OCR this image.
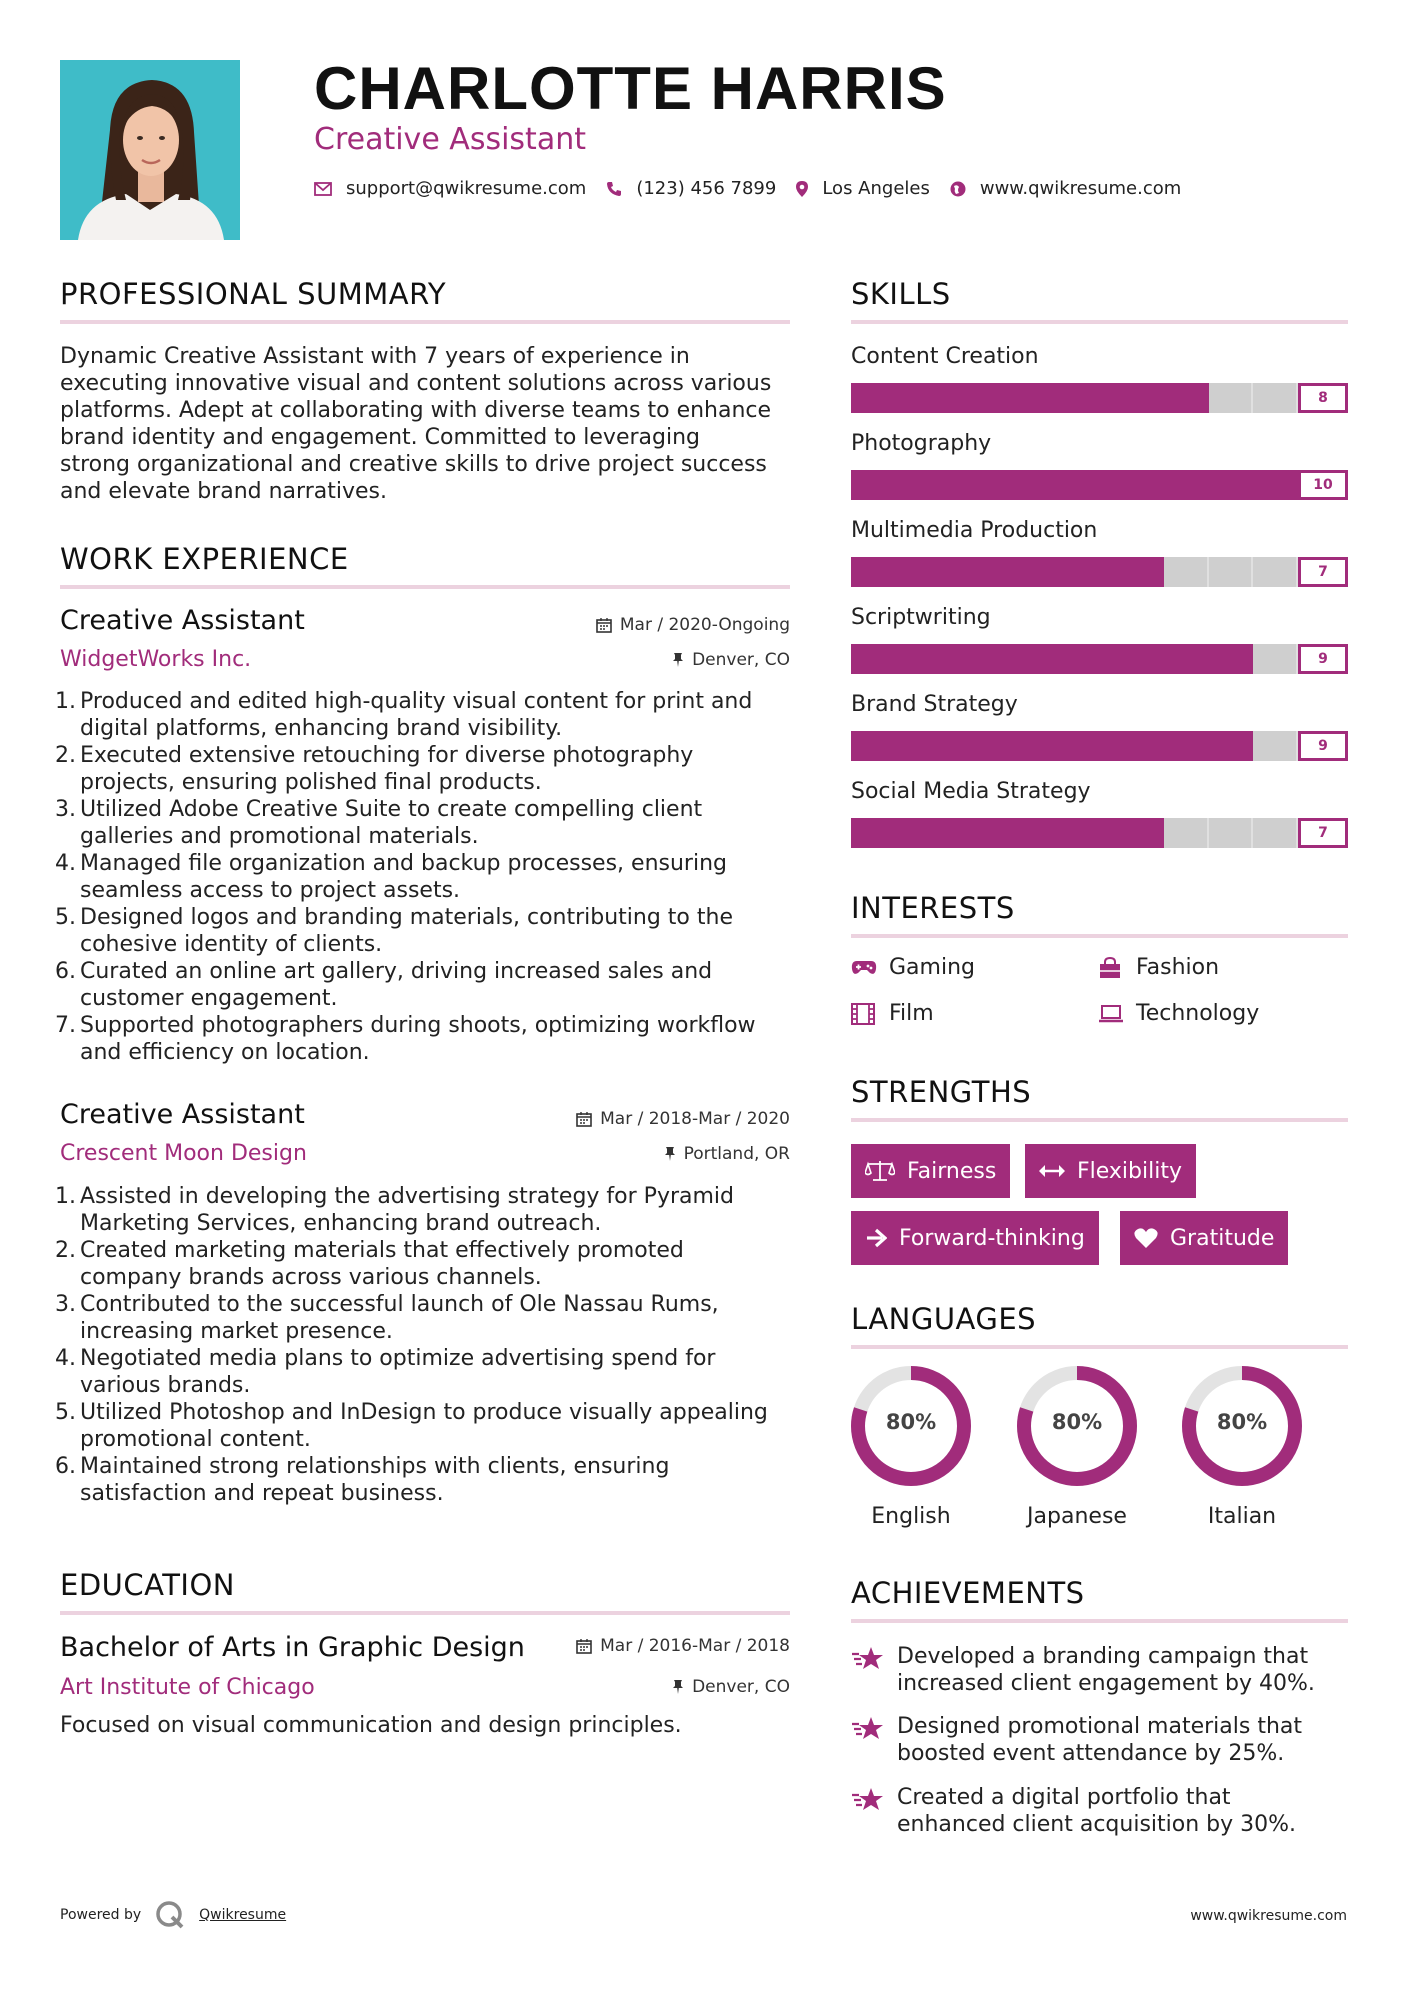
CHARLOTTE HARRIS
Creative Assistant
support@qwikresume.com	(123) 456 7899	Los Angeles	www.qwikresume.com
PROFESSIONAL SUMMARY
Dynamic Creative Assistant with 7 years of experience in
executing innovative visual and content solutions across various
platforms. Adept at collaborating with diverse teams to enhance
brand identity and engagement. Committed to leveraging
strong organizational and creative skills to drive project success
and elevate brand narratives.
WORK EXPERIENCE
Creative Assistant	Mar / 2020-Ongoing
WidgetWorks Inc.	Denver, CO
1. Produced and edited high-quality visual content for print and
digital platforms, enhancing brand visibility.
2. Executed extensive retouching for diverse photography
projects, ensuring polished final products.
3. Utilized Adobe Creative Suite to create compelling client
galleries and promotional materials.
4. Managed file organization and backup processes, ensuring
seamless access to project assets.
5. Designed logos and branding materials, contributing to the
cohesive identity of clients.
6. Curated an online art gallery, driving increased sales and
customer engagement.
7. Supported photographers during shoots, optimizing workflow
and efficiency on location.
Creative Assistant	Mar / 2018-Mar / 2020
Crescent Moon Design	Portland, OR
1. Assisted in developing the advertising strategy for Pyramid
Marketing Services, enhancing brand outreach.
2. Created marketing materials that effectively promoted
company brands across various channels.
3. Contributed to the successful launch of Ole Nassau Rums,
increasing market presence.
4. Negotiated media plans to optimize advertising spend for
various brands.
5. Utilized Photoshop and InDesign to produce visually appealing
promotional content.
6. Maintained strong relationships with clients, ensuring
satisfaction and repeat business.
EDUCATION
Bachelor of Arts in Graphic Design	Mar / 2016-Mar / 2018
Art Institute of Chicago	Denver, CO
Focused on visual communication and design principles.
SKILLS
Content Creation
8
Photography
10
Multimedia Production
7
Scriptwriting
9
Brand Strategy
9
Social Media Strategy
7
INTERESTS
Gaming	Fashion
Film	Technology
STRENGTHS
Fairness	Flexibility
Forward-thinking	Gratitude
LANGUAGES
80%
English
80%
Japanese
80%
Italian
ACHIEVEMENTS
Developed a branding campaign that
increased client engagement by 40%.
Designed promotional materials that
boosted event attendance by 25%.
Created a digital portfolio that
enhanced client acquisition by 30%.
Powered by	Qwikresume	www.qwikresume.com
